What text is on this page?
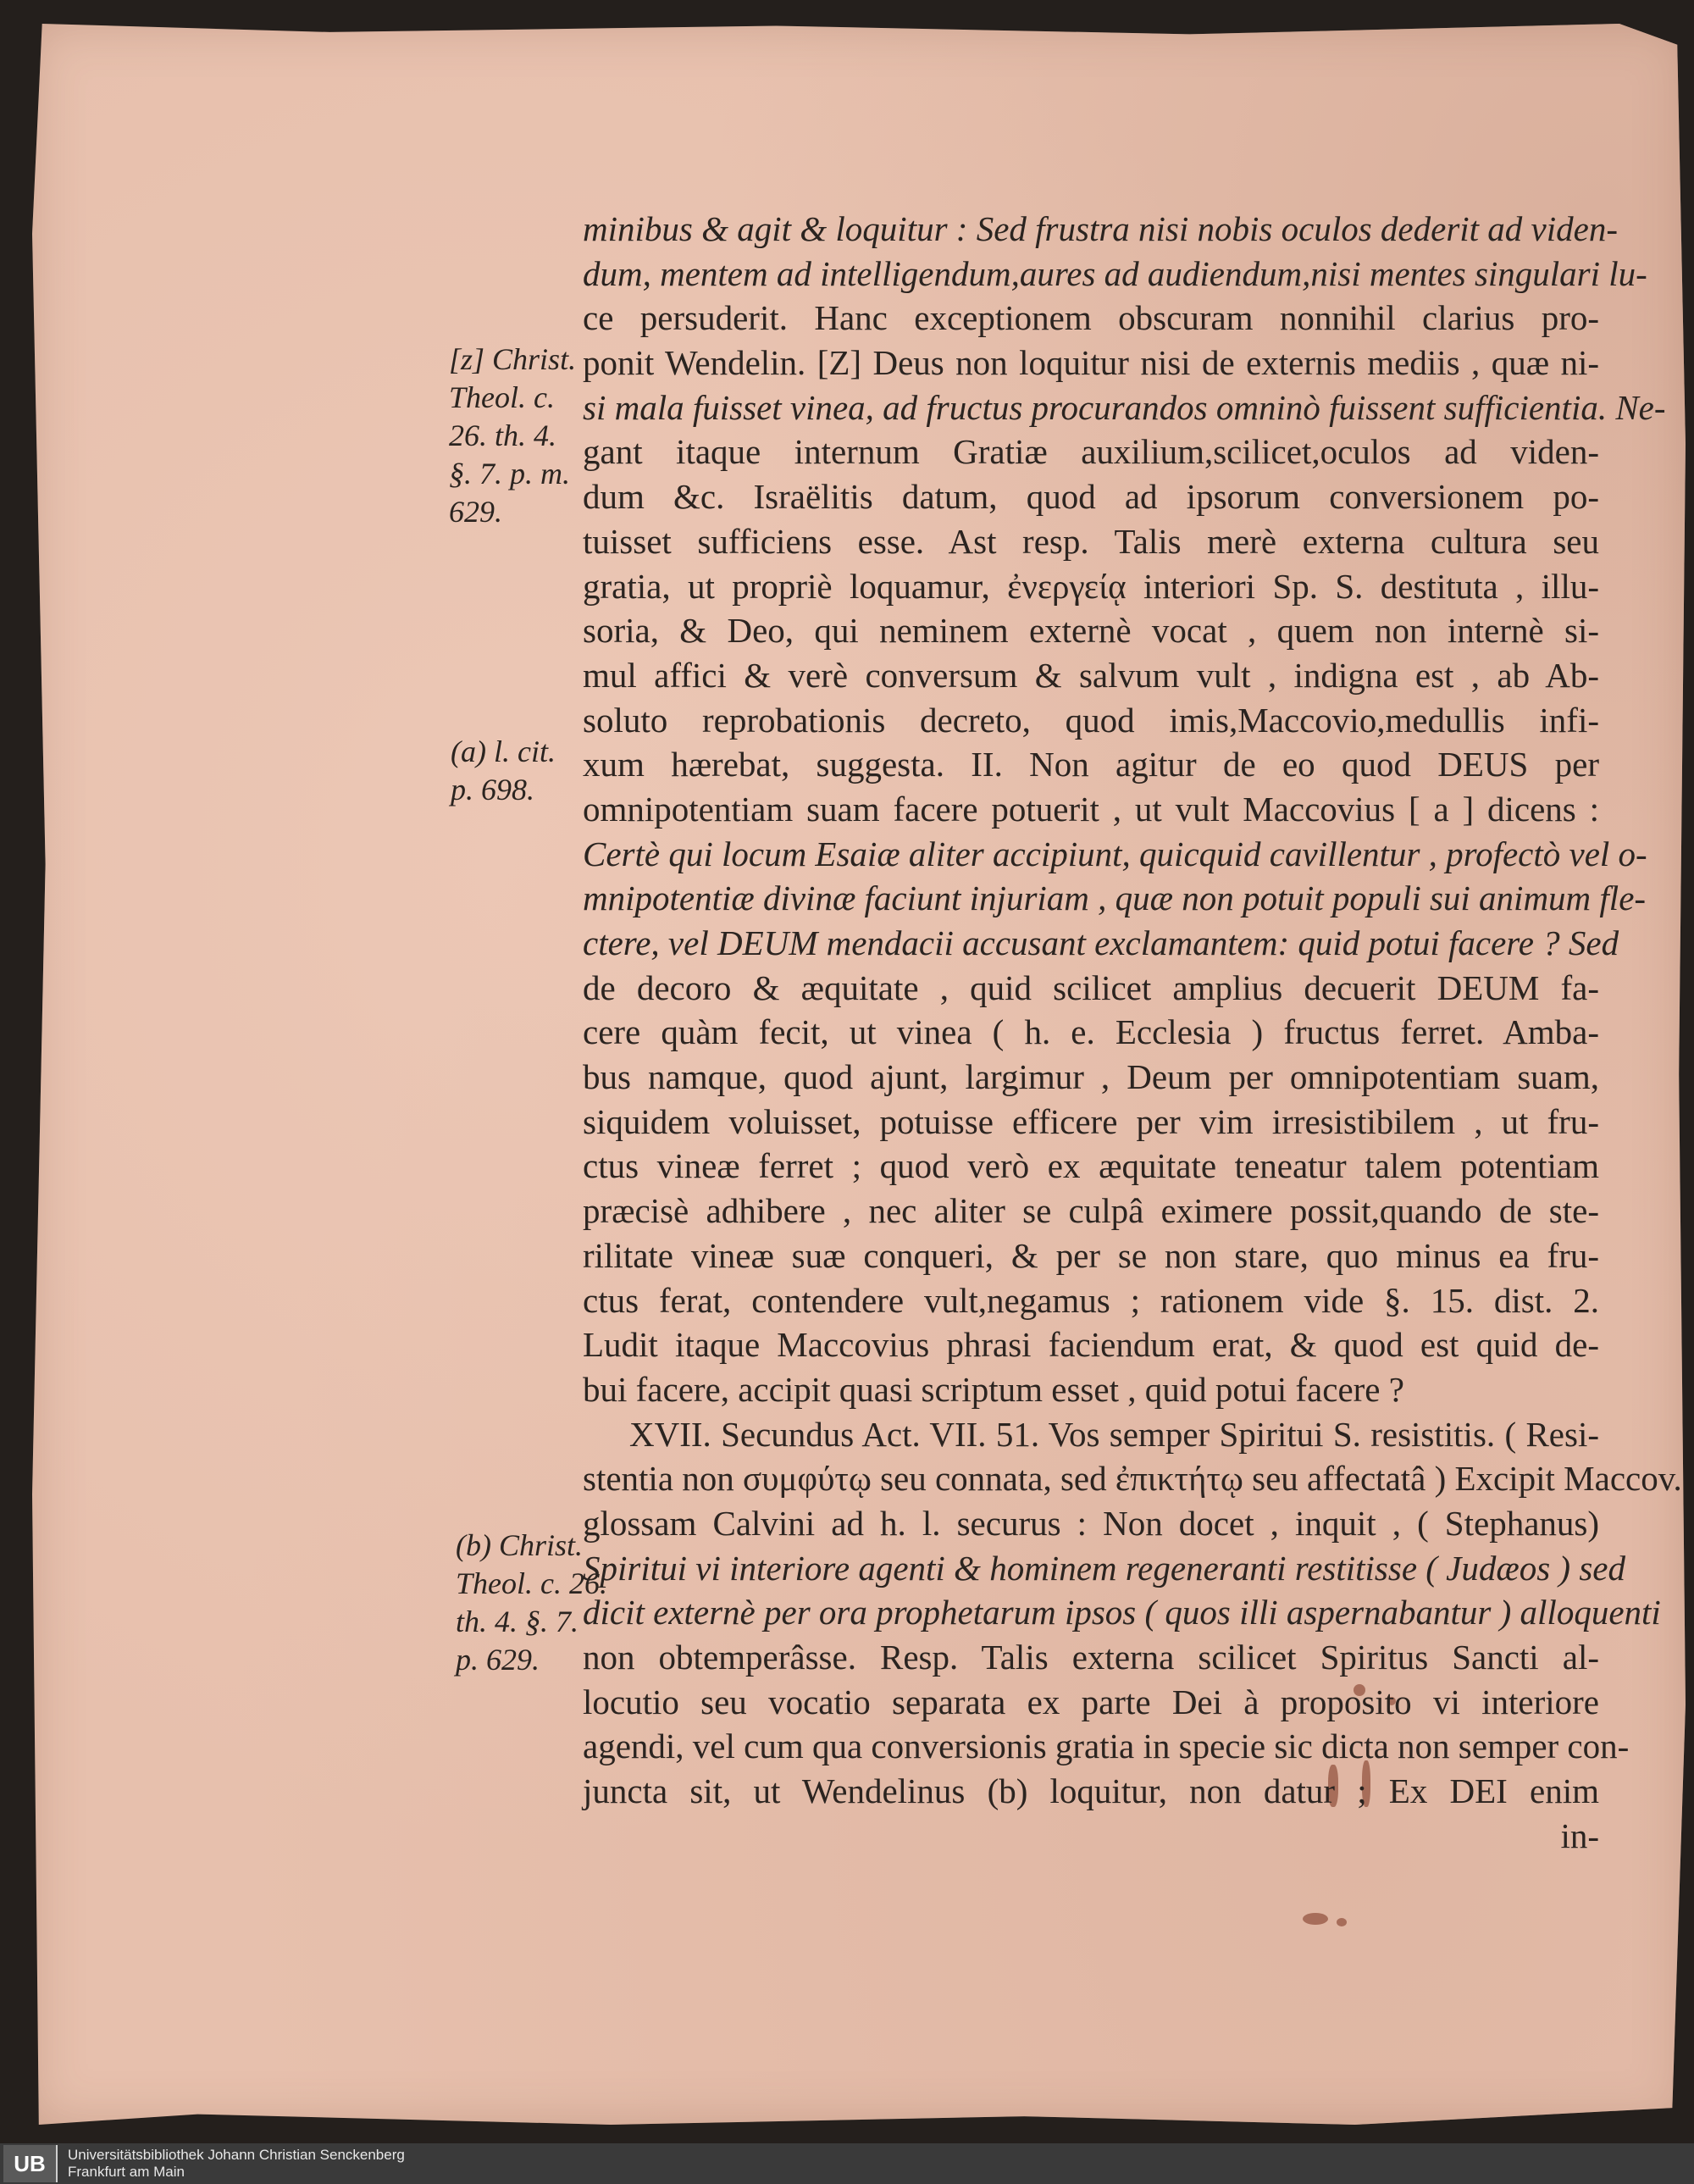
minibus & agit & loquitur : Sed frustra nisi nobis oculos dederit ad viden-
dum, mentem ad intelligendum,aures ad audiendum,nisi mentes singulari lu-
ce persuderit. Hanc exceptionem obscuram nonnihil clarius pro-
ponit Wendelin. [Z] Deus non loquitur nisi de externis mediis , quæ ni-
si mala fuisset vinea, ad fructus procurandos omninò fuissent sufficientia. Ne-
gant itaque internum Gratiæ auxilium,scilicet,oculos ad viden-
dum &c. Israëlitis datum, quod ad ipsorum conversionem po-
tuisset sufficiens esse. Ast resp. Talis merè externa cultura seu
gratia, ut propriè loquamur, ἐνεργείᾳ interiori Sp. S. destituta , illu-
soria, & Deo, qui neminem externè vocat , quem non internè si-
mul affici & verè conversum & salvum vult , indigna est , ab Ab-
soluto reprobationis decreto, quod imis,Maccovio,medullis infi-
xum hærebat, suggesta. II. Non agitur de eo quod DEUS per
omnipotentiam suam facere potuerit , ut vult Maccovius [ a ] dicens :
Certè qui locum Esaiæ aliter accipiunt, quicquid cavillentur , profectò vel o-
mnipotentiæ divinæ faciunt injuriam , quæ non potuit populi sui animum fle-
ctere, vel DEUM mendacii accusant exclamantem: quid potui facere ? Sed
de decoro & æquitate , quid scilicet amplius decuerit DEUM fa-
cere quàm fecit, ut vinea ( h. e. Ecclesia ) fructus ferret. Amba-
bus namque, quod ajunt, largimur , Deum per omnipotentiam suam,
siquidem voluisset, potuisse efficere per vim irresistibilem , ut fru-
ctus vineæ ferret ; quod verò ex æquitate teneatur talem potentiam
præcisè adhibere , nec aliter se culpâ eximere possit,quando de ste-
rilitate vineæ suæ conqueri, & per se non stare, quo minus ea fru-
ctus ferat, contendere vult,negamus ; rationem vide §. 15. dist. 2.
Ludit itaque Maccovius phrasi faciendum erat, & quod est quid de-
bui facere, accipit quasi scriptum esset , quid potui facere ?
XVII. Secundus Act. VII. 51. Vos semper Spiritui S. resistitis. ( Resi-
stentia non συμφύτῳ seu connata, sed ἐπικτήτῳ seu affectatâ ) Excipit Maccov.
glossam Calvini ad h. l. securus : Non docet , inquit , ( Stephanus)
Spiritui vi interiore agenti & hominem regeneranti restitisse ( Judæos ) sed
dicit externè per ora prophetarum ipsos ( quos illi aspernabantur ) alloquenti
non obtemperâsse. Resp. Talis externa scilicet Spiritus Sancti al-
locutio seu vocatio separata ex parte Dei à proposito vi interiore
agendi, vel cum qua conversionis gratia in specie sic dicta non semper con-
juncta sit, ut Wendelinus (b) loquitur, non datur ; Ex DEI enim
in-
[z] Christ.
Theol. c.
26. th. 4.
§. 7. p. m.
629.
(a) l. cit.
p. 698.
(b) Christ.
Theol. c. 26.
th. 4. §. 7.
p. 629.
UB	Universitätsbibliothek Johann Christian Senckenberg
Frankfurt am Main
